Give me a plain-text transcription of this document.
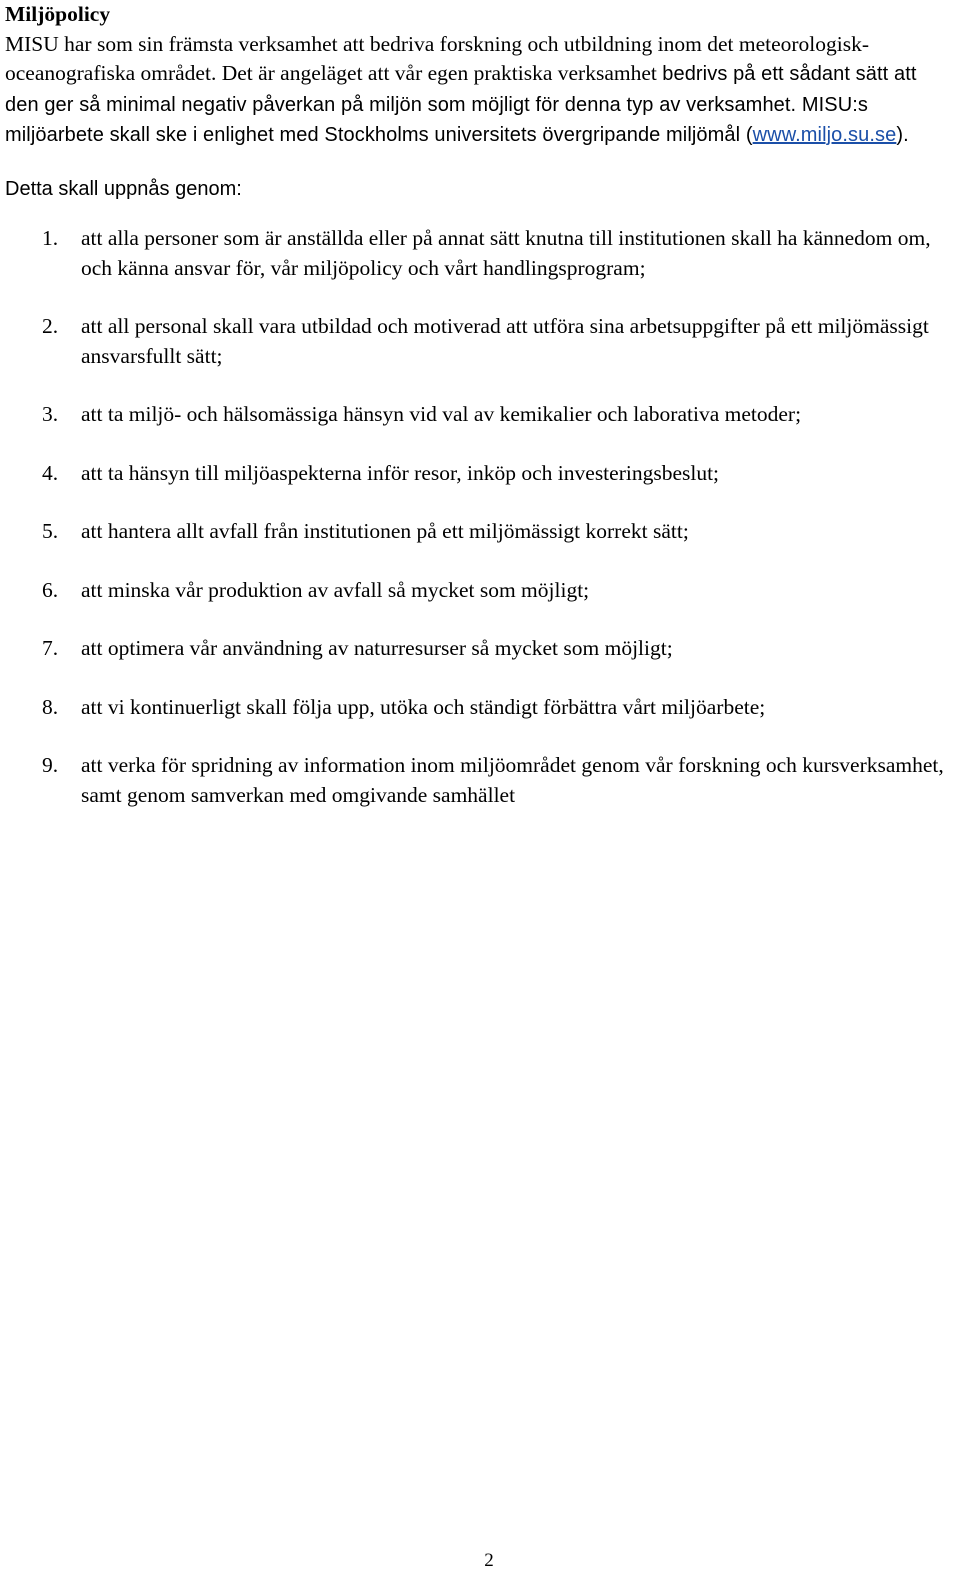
Miljöpolicy

MISU har som sin främsta verksamhet att bedriva forskning och utbildning inom det meteorologisk-oceanografiska området. Det är angeläget att vår egen praktiska verksamhet bedrivs på ett sådant sätt att den ger så minimal negativ påverkan på miljön som möjligt för denna typ av verksamhet. MISU:s miljöarbete skall ske i enlighet med Stockholms universitets övergripande miljömål (www.miljo.su.se).

Detta skall uppnås genom:

1.	att alla personer som är anställda eller på annat sätt knutna till institutionen skall ha kännedom om, och känna ansvar för, vår miljöpolicy och vårt handlingsprogram;
2.	att all personal skall vara utbildad och motiverad att utföra sina arbetsuppgifter på ett miljömässigt ansvarsfullt sätt;
3.	att ta miljö- och hälsomässiga hänsyn vid val av kemikalier och laborativa metoder;
4.	att ta hänsyn till miljöaspekterna inför resor, inköp och investeringsbeslut;
5.	att hantera allt avfall från institutionen på ett miljömässigt korrekt sätt;
6.	att minska vår produktion av avfall så mycket som möjligt;
7.	att optimera vår användning av naturresurser så mycket som möjligt;
8.	att vi kontinuerligt skall följa upp, utöka och ständigt förbättra vårt miljöarbete;
9.	att verka för spridning av information inom miljöområdet genom vår forskning och kursverksamhet, samt genom samverkan med omgivande samhället
2
